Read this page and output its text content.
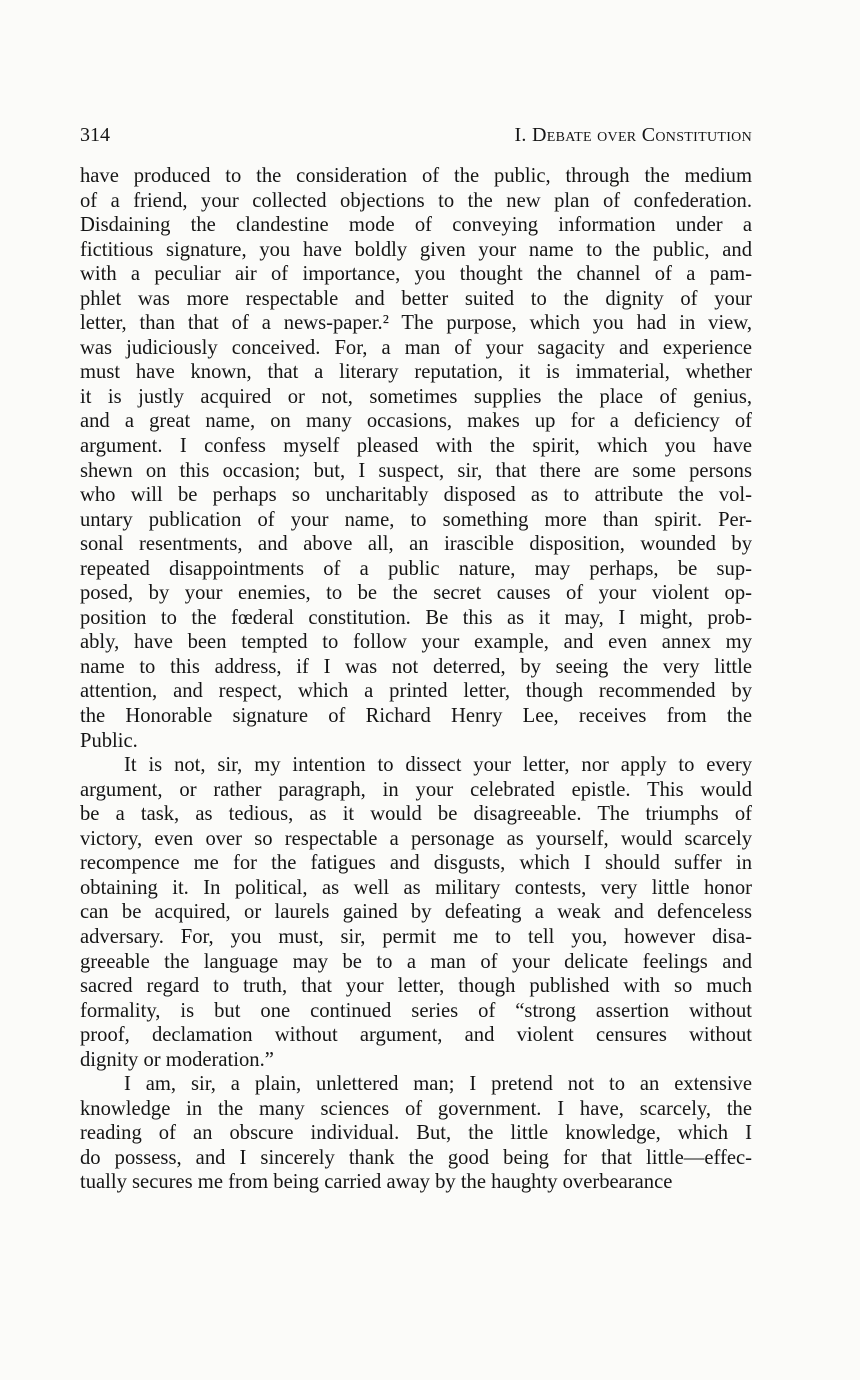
314	I. Debate over Constitution
have produced to the consideration of the public, through the medium
of a friend, your collected objections to the new plan of confederation.
Disdaining the clandestine mode of conveying information under a
fictitious signature, you have boldly given your name to the public, and
with a peculiar air of importance, you thought the channel of a pam-
phlet was more respectable and better suited to the dignity of your
letter, than that of a news-paper.² The purpose, which you had in view,
was judiciously conceived. For, a man of your sagacity and experience
must have known, that a literary reputation, it is immaterial, whether
it is justly acquired or not, sometimes supplies the place of genius,
and a great name, on many occasions, makes up for a deficiency of
argument. I confess myself pleased with the spirit, which you have
shewn on this occasion; but, I suspect, sir, that there are some persons
who will be perhaps so uncharitably disposed as to attribute the vol-
untary publication of your name, to something more than spirit. Per-
sonal resentments, and above all, an irascible disposition, wounded by
repeated disappointments of a public nature, may perhaps, be sup-
posed, by your enemies, to be the secret causes of your violent op-
position to the fœderal constitution. Be this as it may, I might, prob-
ably, have been tempted to follow your example, and even annex my
name to this address, if I was not deterred, by seeing the very little
attention, and respect, which a printed letter, though recommended by
the Honorable signature of Richard Henry Lee, receives from the
Public.
It is not, sir, my intention to dissect your letter, nor apply to every
argument, or rather paragraph, in your celebrated epistle. This would
be a task, as tedious, as it would be disagreeable. The triumphs of
victory, even over so respectable a personage as yourself, would scarcely
recompence me for the fatigues and disgusts, which I should suffer in
obtaining it. In political, as well as military contests, very little honor
can be acquired, or laurels gained by defeating a weak and defenceless
adversary. For, you must, sir, permit me to tell you, however disa-
greeable the language may be to a man of your delicate feelings and
sacred regard to truth, that your letter, though published with so much
formality, is but one continued series of “strong assertion without
proof, declamation without argument, and violent censures without
dignity or moderation.”
I am, sir, a plain, unlettered man; I pretend not to an extensive
knowledge in the many sciences of government. I have, scarcely, the
reading of an obscure individual. But, the little knowledge, which I
do possess, and I sincerely thank the good being for that little—effec-
tually secures me from being carried away by the haughty overbearance
